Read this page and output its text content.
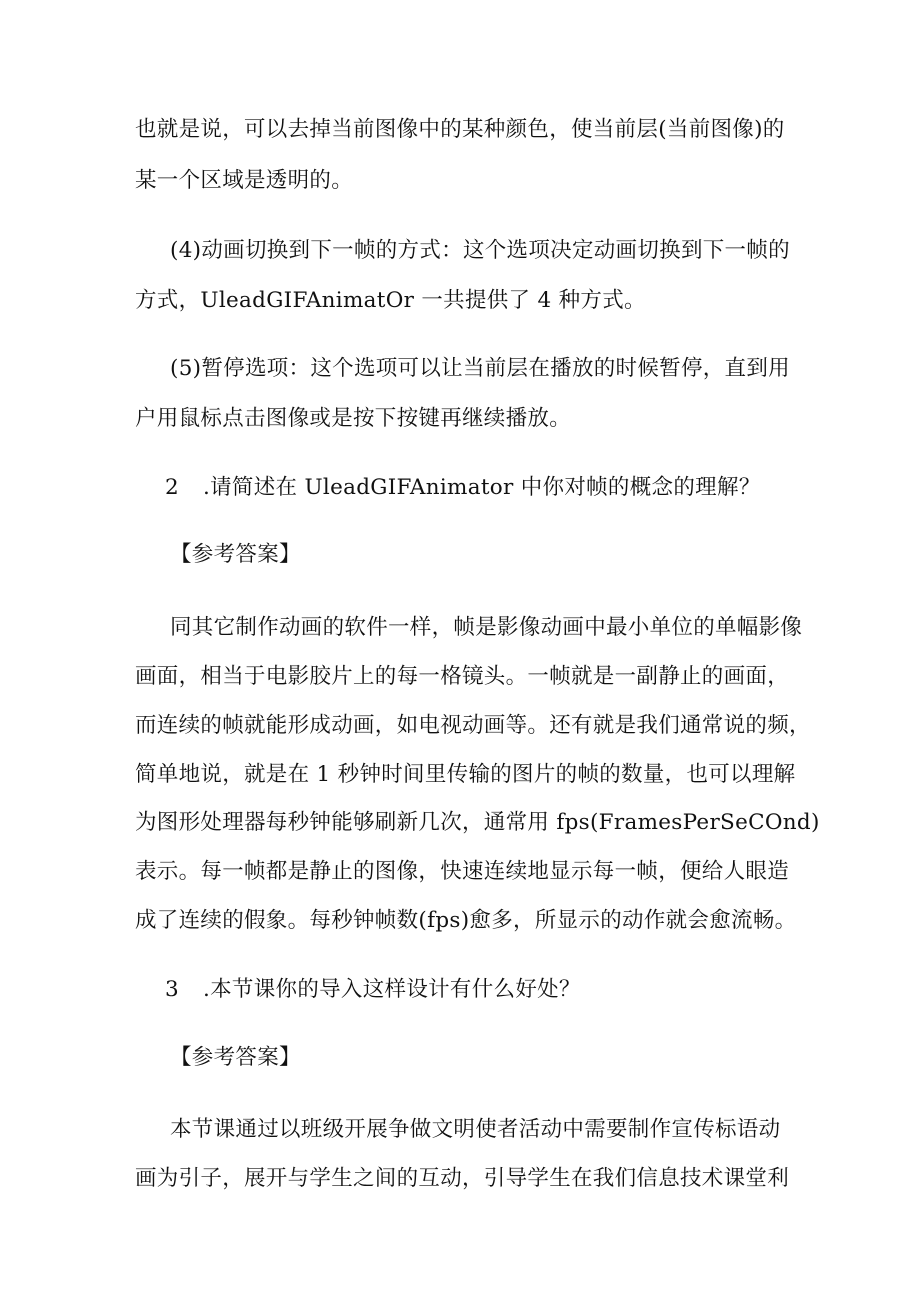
也就是说，可以去掉当前图像中的某种颜色，使当前层(当前图像)的
某一个区域是透明的。
(4)动画切换到下一帧的方式：这个选项决定动画切换到下一帧的
方式，UleadGIFAnimatOr 一共提供了 4 种方式。
(5)暂停选项：这个选项可以让当前层在播放的时候暂停，直到用
户用鼠标点击图像或是按下按键再继续播放。
2	.请简述在 UleadGIFAnimator 中你对帧的概念的理解？
【参考答案】
同其它制作动画的软件一样，帧是影像动画中最小单位的单幅影像
画面，相当于电影胶片上的每一格镜头。一帧就是一副静止的画面，
而连续的帧就能形成动画，如电视动画等。还有就是我们通常说的频，
简单地说，就是在 1 秒钟时间里传输的图片的帧的数量，也可以理解
为图形处理器每秒钟能够刷新几次，通常用 fps(FramesPerSeCOnd)
表示。每一帧都是静止的图像，快速连续地显示每一帧，便给人眼造
成了连续的假象。每秒钟帧数(fps)愈多，所显示的动作就会愈流畅。
3	.本节课你的导入这样设计有什么好处？
【参考答案】
本节课通过以班级开展争做文明使者活动中需要制作宣传标语动
画为引子，展开与学生之间的互动，引导学生在我们信息技术课堂利
